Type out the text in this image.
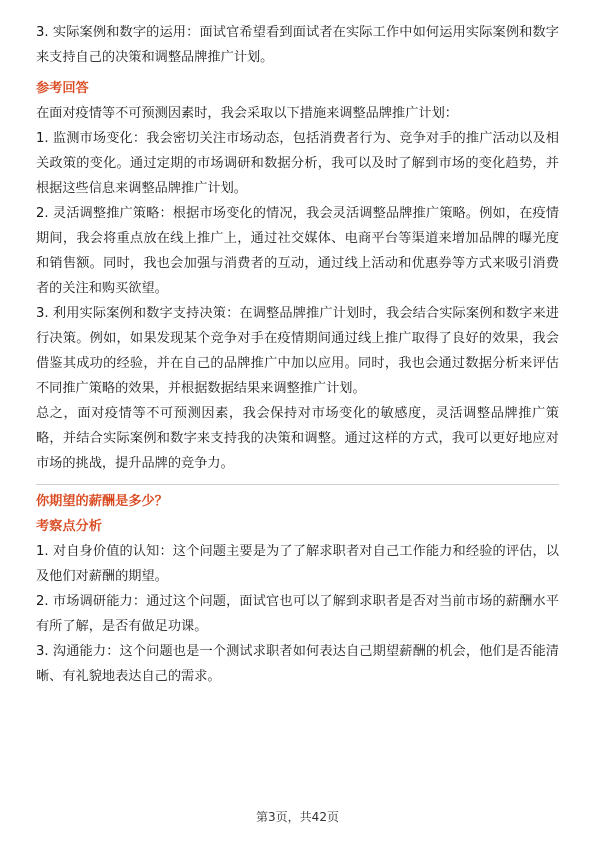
3. 实际案例和数字的运用：面试官希望看到面试者在实际工作中如何运用实际案例和数字来支持自己的决策和调整品牌推广计划。

参考回答

在面对疫情等不可预测因素时，我会采取以下措施来调整品牌推广计划：

1. 监测市场变化：我会密切关注市场动态，包括消费者行为、竞争对手的推广活动以及相关政策的变化。通过定期的市场调研和数据分析，我可以及时了解到市场的变化趋势，并根据这些信息来调整品牌推广计划。

2. 灵活调整推广策略：根据市场变化的情况，我会灵活调整品牌推广策略。例如，在疫情期间，我会将重点放在线上推广上，通过社交媒体、电商平台等渠道来增加品牌的曝光度和销售额。同时，我也会加强与消费者的互动，通过线上活动和优惠券等方式来吸引消费者的关注和购买欲望。

3. 利用实际案例和数字支持决策：在调整品牌推广计划时，我会结合实际案例和数字来进行决策。例如，如果发现某个竞争对手在疫情期间通过线上推广取得了良好的效果，我会借鉴其成功的经验，并在自己的品牌推广中加以应用。同时，我也会通过数据分析来评估不同推广策略的效果，并根据数据结果来调整推广计划。

总之，面对疫情等不可预测因素，我会保持对市场变化的敏感度，灵活调整品牌推广策略，并结合实际案例和数字来支持我的决策和调整。通过这样的方式，我可以更好地应对市场的挑战，提升品牌的竞争力。

你期望的薪酬是多少？

考察点分析

1. 对自身价值的认知：这个问题主要是为了了解求职者对自己工作能力和经验的评估，以及他们对薪酬的期望。

2. 市场调研能力：通过这个问题，面试官也可以了解到求职者是否对当前市场的薪酬水平有所了解，是否有做足功课。

3. 沟通能力：这个问题也是一个测试求职者如何表达自己期望薪酬的机会，他们是否能清晰、有礼貌地表达自己的需求。

第3页，共42页
